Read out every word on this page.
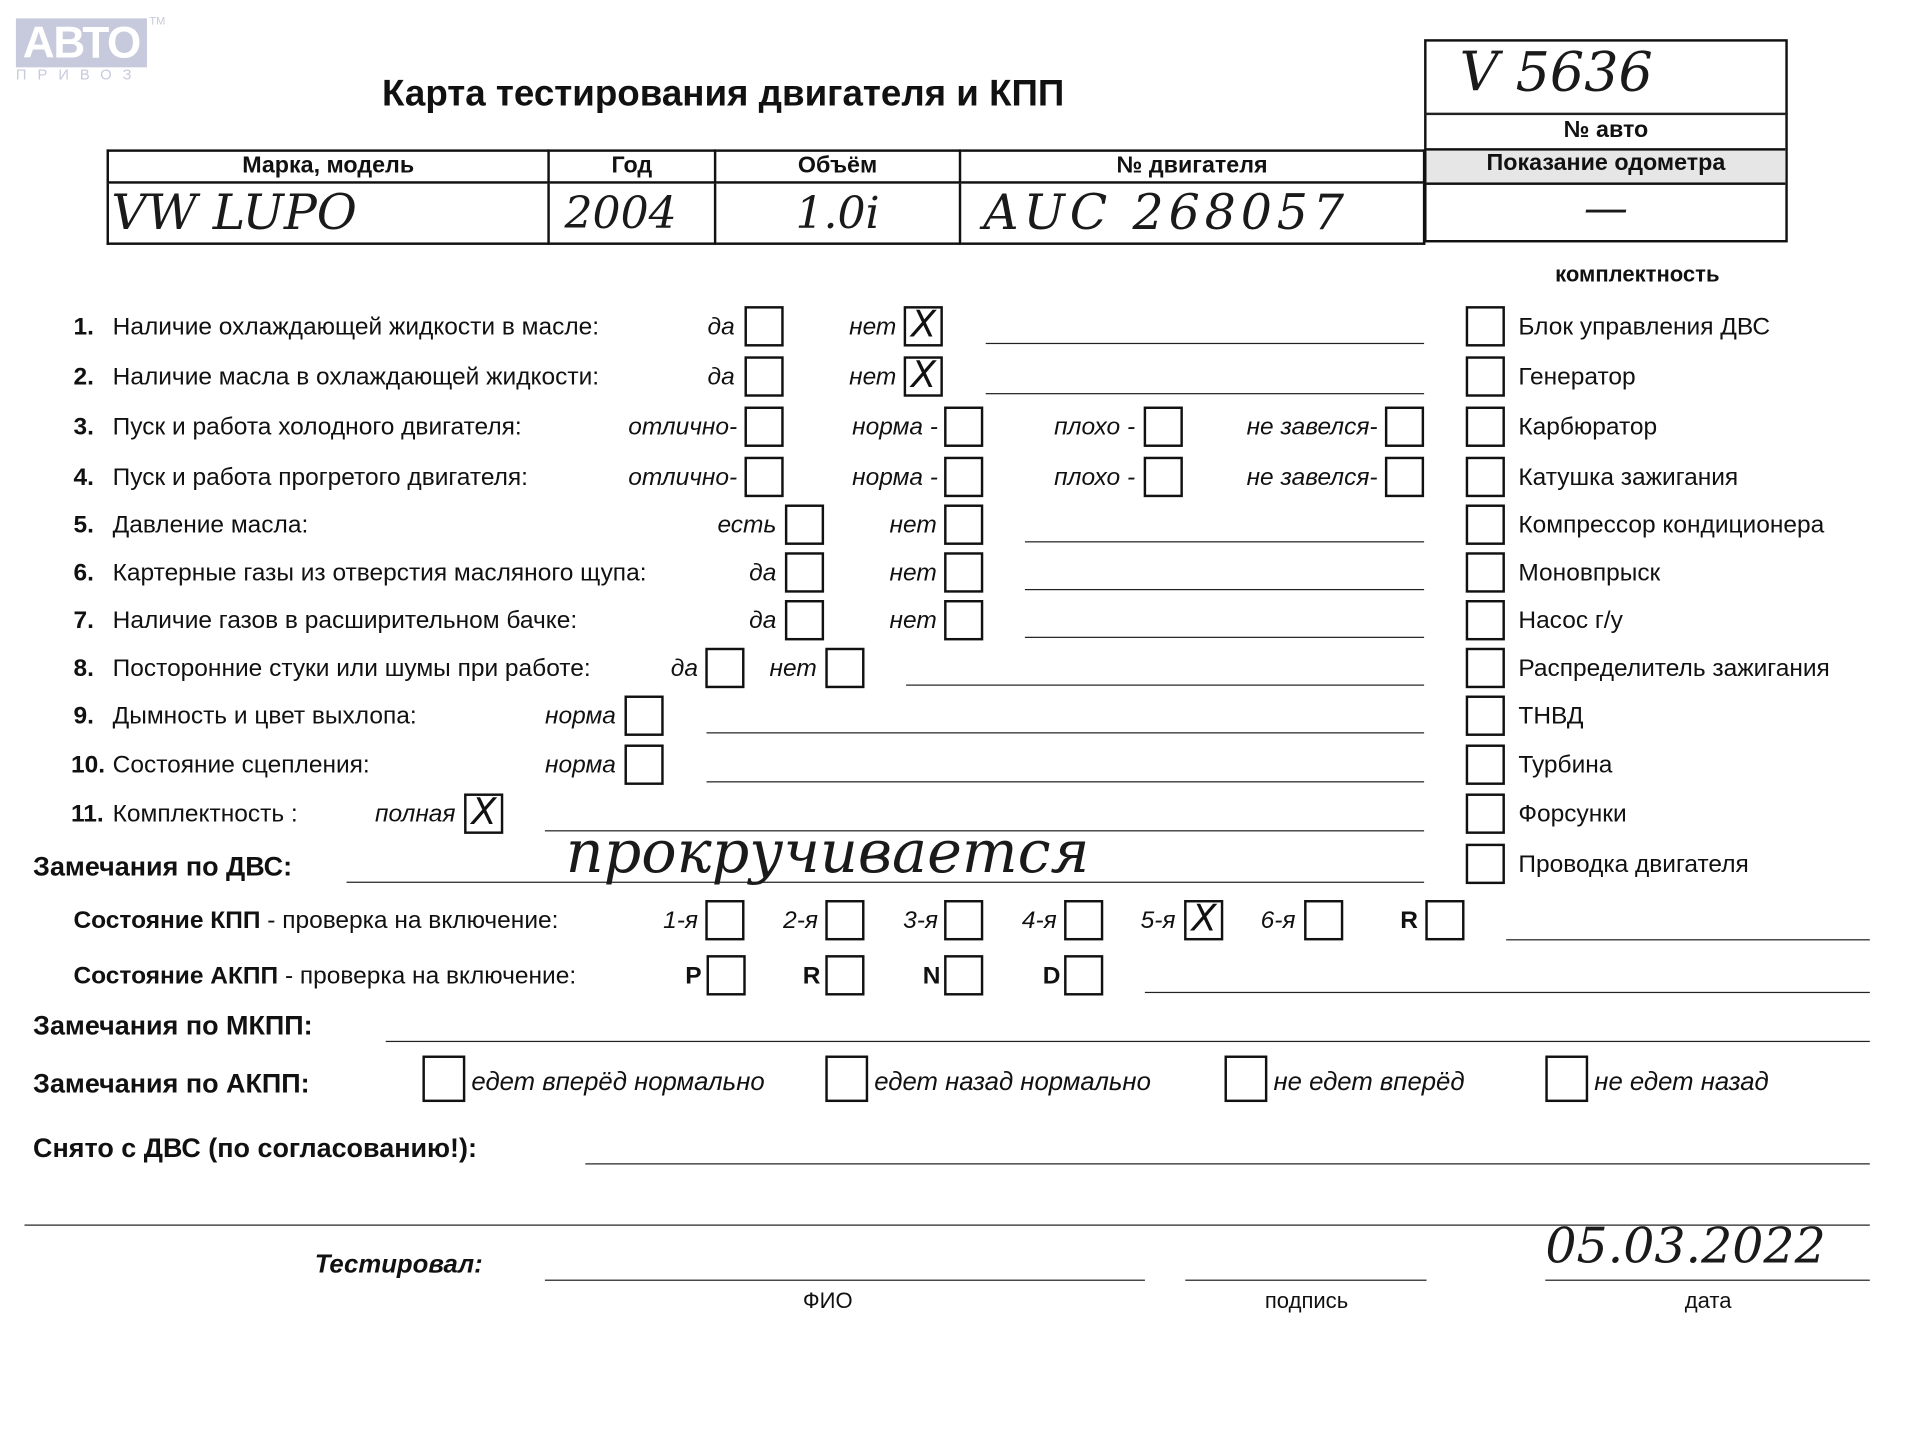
АВТО	TM
ПРИВОЗ	Карта тестирования двигателя и КПП	V 5636
№ авто
Показание одометра
—
Марка, модель	Год	Объём	№ двигателя
VW LUPO	2004	1.0i	AUC 268057
комплектность
1. Наличие охлаждающей жидкости в масле:	да	нет X
2. Наличие масла в охлаждающей жидкости:	да	нет X
3. Пуск и работа холодного двигателя:	отлично-	норма -	плохо -	не завелся-
4. Пуск и работа прогретого двигателя:	отлично-	норма -	плохо -	не завелся-
5. Давление масла:	есть	нет
6. Картерные газы из отверстия масляного щупа:	да	нет
7. Наличие газов в расширительном бачке:	да	нет
8. Посторонние стуки или шумы при работе:	да	нет
9. Дымность и цвет выхлопа:	норма
10. Состояние сцепления:	норма
11. Комплектность :	полная X
Блок управления ДВС
Генератор
Карбюратор
Катушка зажигания
Компрессор кондиционера
Моновпрыск
Насос г/у
Распределитель зажигания
ТНВД
Турбина
Форсунки
Проводка двигателя
1-я	2-я	3-я	4-я	5-я X	6-я	R
P	R	N	D
едет вперёд нормально	едет назад нормально	не едет вперёд	не едет назад
Замечания по ДВС:	прокручивается
Состояние КПП - проверка на включение:
Состояние АКПП - проверка на включение:
Замечания по МКПП:
Замечания по АКПП:
Снято с ДВС (по согласованию!):
Тестировал:
ФИО	подпись	дата
05.03.2022
